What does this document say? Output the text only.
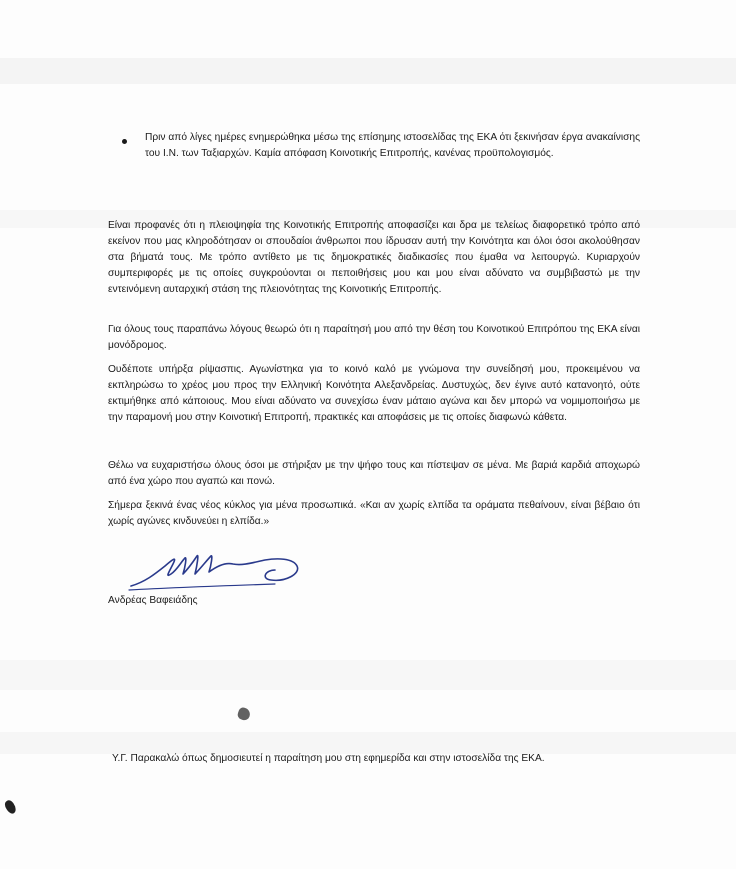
Πριν από λίγες ημέρες ενημερώθηκα μέσω της επίσημης ιστοσελίδας της ΕΚΑ ότι ξεκινήσαν έργα ανακαίνισης του Ι.Ν. των Ταξιαρχών. Καμία απόφαση Κοινοτικής Επιτροπής, κανένας προϋπολογισμός.

Είναι προφανές ότι η πλειοψηφία της Κοινοτικής Επιτροπής αποφασίζει και δρα με τελείως διαφορετικό τρόπο από εκείνον που μας κληροδότησαν οι σπουδαίοι άνθρωποι που ίδρυσαν αυτή την Κοινότητα και όλοι όσοι ακολούθησαν στα βήματά τους. Με τρόπο αντίθετο με τις δημοκρατικές διαδικασίες που έμαθα να λειτουργώ. Κυριαρχούν συμπεριφορές με τις οποίες συγκρούονται οι πεποιθήσεις μου και μου είναι αδύνατο να συμβιβαστώ με την εντεινόμενη αυταρχική στάση της πλειονότητας της Κοινοτικής Επιτροπής.

Για όλους τους παραπάνω λόγους θεωρώ ότι η παραίτησή μου από την θέση του Κοινοτικού Επιτρόπου της ΕΚΑ είναι μονόδρομος.

Ουδέποτε υπήρξα ρίψασπις. Αγωνίστηκα για το κοινό καλό με γνώμονα την συνείδησή μου, προκειμένου να εκπληρώσω το χρέος μου προς την Ελληνική Κοινότητα Αλεξανδρείας. Δυστυχώς, δεν έγινε αυτό κατανοητό, ούτε εκτιμήθηκε από κάποιους. Μου είναι αδύνατο να συνεχίσω έναν μάταιο αγώνα και δεν μπορώ να νομιμοποιήσω με την παραμονή μου στην Κοινοτική Επιτροπή, πρακτικές και αποφάσεις με τις οποίες διαφωνώ κάθετα.

Θέλω να ευχαριστήσω όλους όσοι με στήριξαν με την ψήφο τους και πίστεψαν σε μένα. Με βαριά καρδιά αποχωρώ από ένα χώρο που αγαπώ και πονώ.

Σήμερα ξεκινά ένας νέος κύκλος για μένα προσωπικά. «Και αν χωρίς ελπίδα τα οράματα πεθαίνουν, είναι βέβαιο ότι χωρίς αγώνες κινδυνεύει η ελπίδα.»

Ανδρέας Βαφειάδης
Υ.Γ. Παρακαλώ όπως δημοσιευτεί η παραίτηση μου στη εφημερίδα και στην ιστοσελίδα της ΕΚΑ.
